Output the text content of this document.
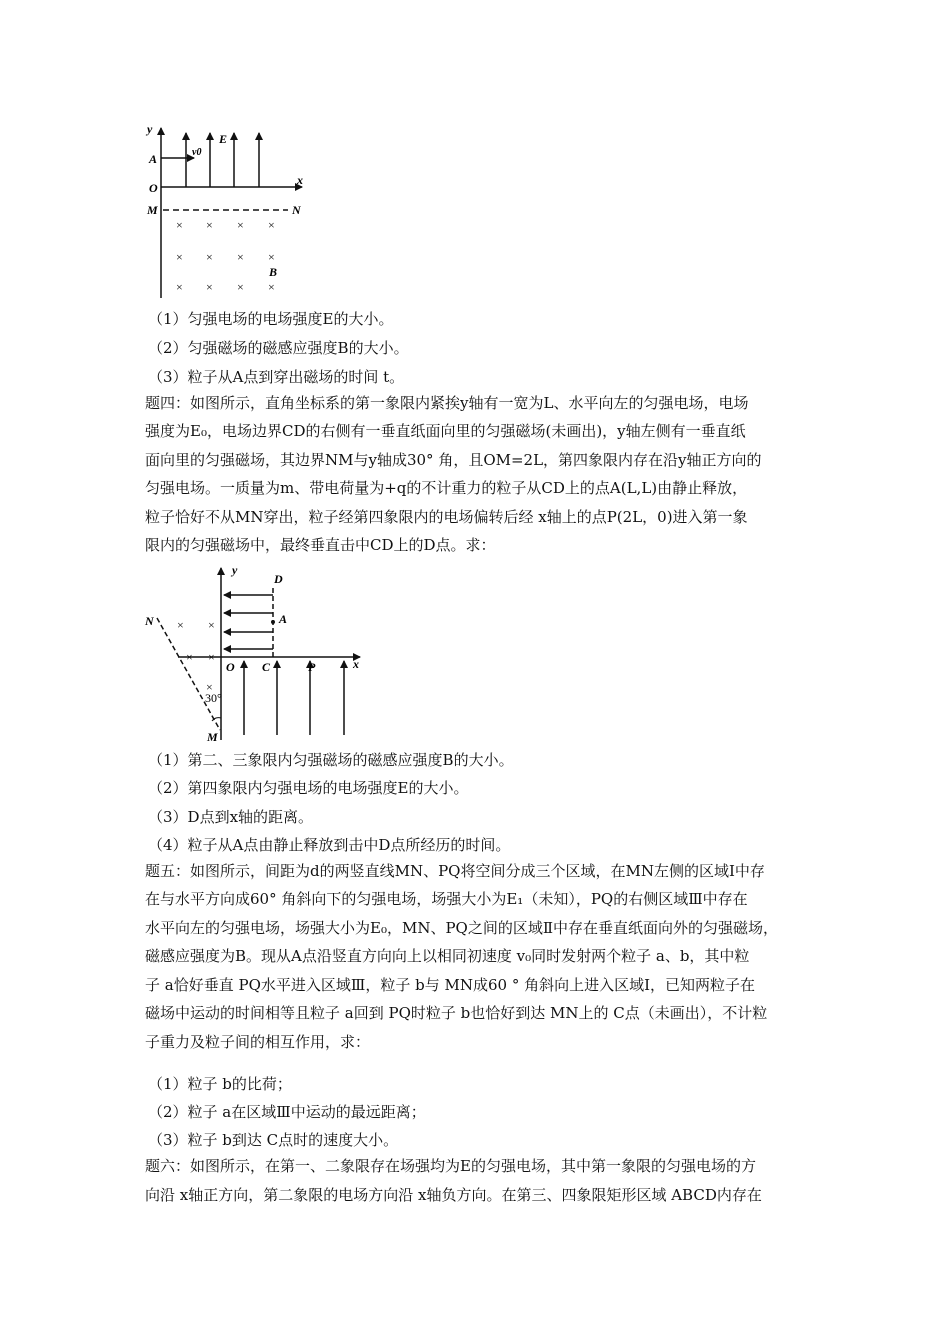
y
x
A
O
M	N
v0
E
B
× × × ×
× × × ×
× × × ×
（1）匀强电场的电场强度E的大小。
（2）匀强磁场的磁感应强度B的大小。
（3）粒子从A点到穿出磁场的时间 t。
题四：如图所示，直角坐标系的第一象限内紧挨y轴有一宽为L、水平向左的匀强电场，电场
强度为E₀，电场边界CD的右侧有一垂直纸面向里的匀强磁场(未画出)，y轴左侧有一垂直纸
面向里的匀强磁场，其边界NM与y轴成30° 角，且OM=2L，第四象限内存在沿y轴正方向的
匀强电场。一质量为m、带电荷量为+q的不计重力的粒子从CD上的点A(L,L)由静止释放，
粒子恰好不从MN穿出，粒子经第四象限内的电场偏转后经 x轴上的点P(2L，0)进入第一象
限内的匀强磁场中，最终垂直击中CD上的D点。求：
y
x
D
A
N
O C	P
M
30°
× ×
× ×
×
（1）第二、三象限内匀强磁场的磁感应强度B的大小。
（2）第四象限内匀强电场的电场强度E的大小。
（3）D点到x轴的距离。
（4）粒子从A点由静止释放到击中D点所经历的时间。
题五：如图所示，间距为d的两竖直线MN、PQ将空间分成三个区域，在MN左侧的区域Ⅰ中存
在与水平方向成60° 角斜向下的匀强电场，场强大小为E₁（未知），PQ的右侧区域Ⅲ中存在
水平向左的匀强电场，场强大小为E₀，MN、PQ之间的区域Ⅱ中存在垂直纸面向外的匀强磁场，
磁感应强度为B。现从A点沿竖直方向向上以相同初速度 v₀同时发射两个粒子 a、b，其中粒
子 a恰好垂直 PQ水平进入区域Ⅲ，粒子 b与 MN成60 ° 角斜向上进入区域Ⅰ，已知两粒子在
磁场中运动的时间相等且粒子 a回到 PQ时粒子 b也恰好到达 MN上的 C点（未画出），不计粒
子重力及粒子间的相互作用，求：
（1）粒子 b的比荷；
（2）粒子 a在区域Ⅲ中运动的最远距离；
（3）粒子 b到达 C点时的速度大小。
题六：如图所示，在第一、二象限存在场强均为E的匀强电场，其中第一象限的匀强电场的方
向沿 x轴正方向，第二象限的电场方向沿 x轴负方向。在第三、四象限矩形区域 ABCD内存在
